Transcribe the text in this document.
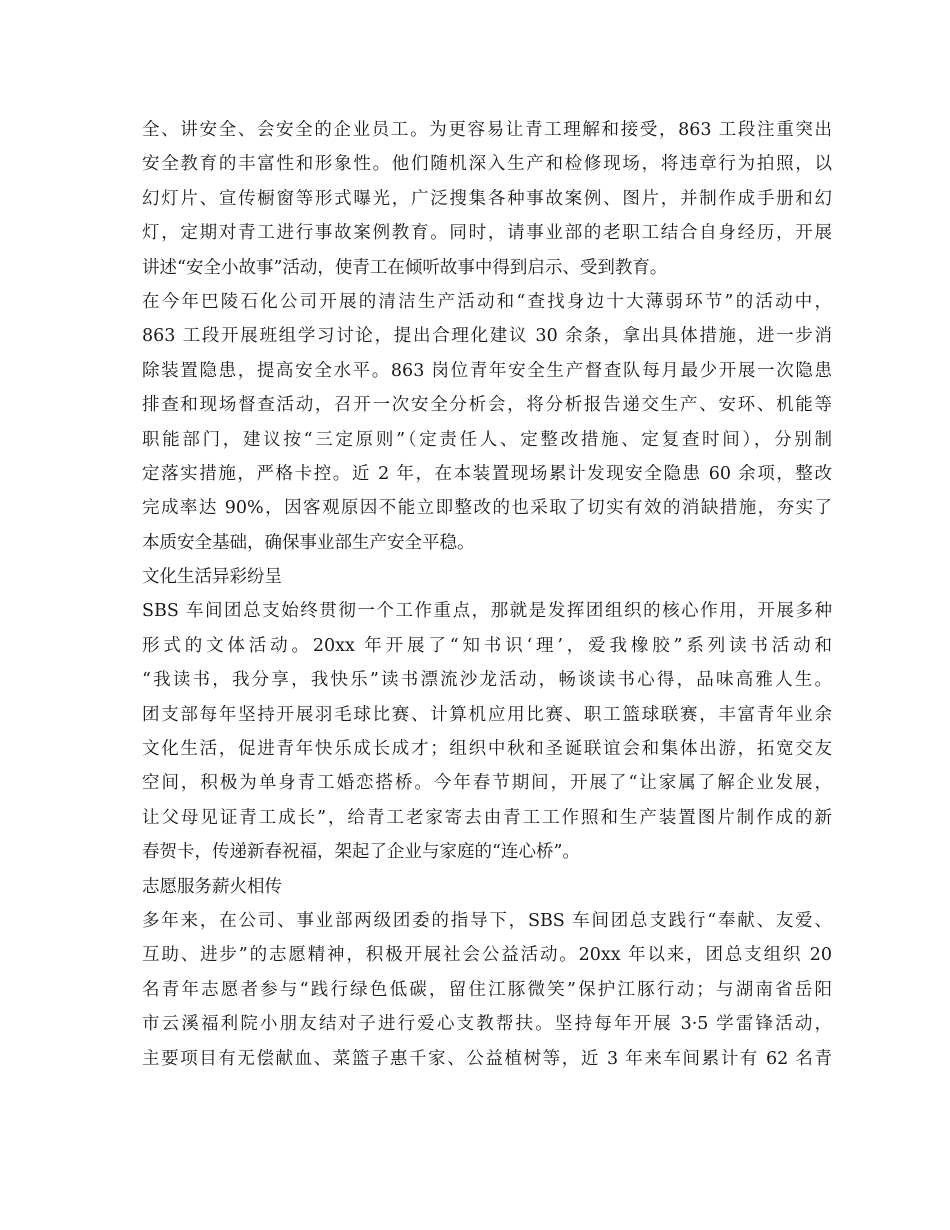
全、讲安全、会安全的企业员工。为更容易让青工理解和接受，863 工段注重突出
安全教育的丰富性和形象性。他们随机深入生产和检修现场，将违章行为拍照，以
幻灯片、宣传橱窗等形式曝光，广泛搜集各种事故案例、图片，并制作成手册和幻
灯，定期对青工进行事故案例教育。同时，请事业部的老职工结合自身经历，开展
讲述“安全小故事”活动，使青工在倾听故事中得到启示、受到教育。
在今年巴陵石化公司开展的清洁生产活动和“查找身边十大薄弱环节”的活动中，
863 工段开展班组学习讨论，提出合理化建议 30 余条，拿出具体措施，进一步消
除装置隐患，提高安全水平。863 岗位青年安全生产督查队每月最少开展一次隐患
排查和现场督查活动，召开一次安全分析会，将分析报告递交生产、安环、机能等
职能部门，建议按“三定原则”（定责任人、定整改措施、定复查时间），分别制
定落实措施，严格卡控。近 2 年，在本装置现场累计发现安全隐患 60 余项，整改
完成率达 90%，因客观原因不能立即整改的也采取了切实有效的消缺措施，夯实了
本质安全基础，确保事业部生产安全平稳。
文化生活异彩纷呈
SBS 车间团总支始终贯彻一个工作重点，那就是发挥团组织的核心作用，开展多种
形式的文体活动。20xx 年开展了“知书识‘理’，爱我橡胶”系列读书活动和
“我读书，我分享，我快乐”读书漂流沙龙活动，畅谈读书心得，品味高雅人生。
团支部每年坚持开展羽毛球比赛、计算机应用比赛、职工篮球联赛，丰富青年业余
文化生活，促进青年快乐成长成才；组织中秋和圣诞联谊会和集体出游，拓宽交友
空间，积极为单身青工婚恋搭桥。今年春节期间，开展了“让家属了解企业发展，
让父母见证青工成长”，给青工老家寄去由青工工作照和生产装置图片制作成的新
春贺卡，传递新春祝福，架起了企业与家庭的“连心桥”。
志愿服务薪火相传
多年来，在公司、事业部两级团委的指导下，SBS 车间团总支践行“奉献、友爱、
互助、进步”的志愿精神，积极开展社会公益活动。20xx 年以来，团总支组织 20
名青年志愿者参与“践行绿色低碳，留住江豚微笑”保护江豚行动；与湖南省岳阳
市云溪福利院小朋友结对子进行爱心支教帮扶。坚持每年开展 3·5 学雷锋活动，
主要项目有无偿献血、菜篮子惠千家、公益植树等，近 3 年来车间累计有 62 名青
